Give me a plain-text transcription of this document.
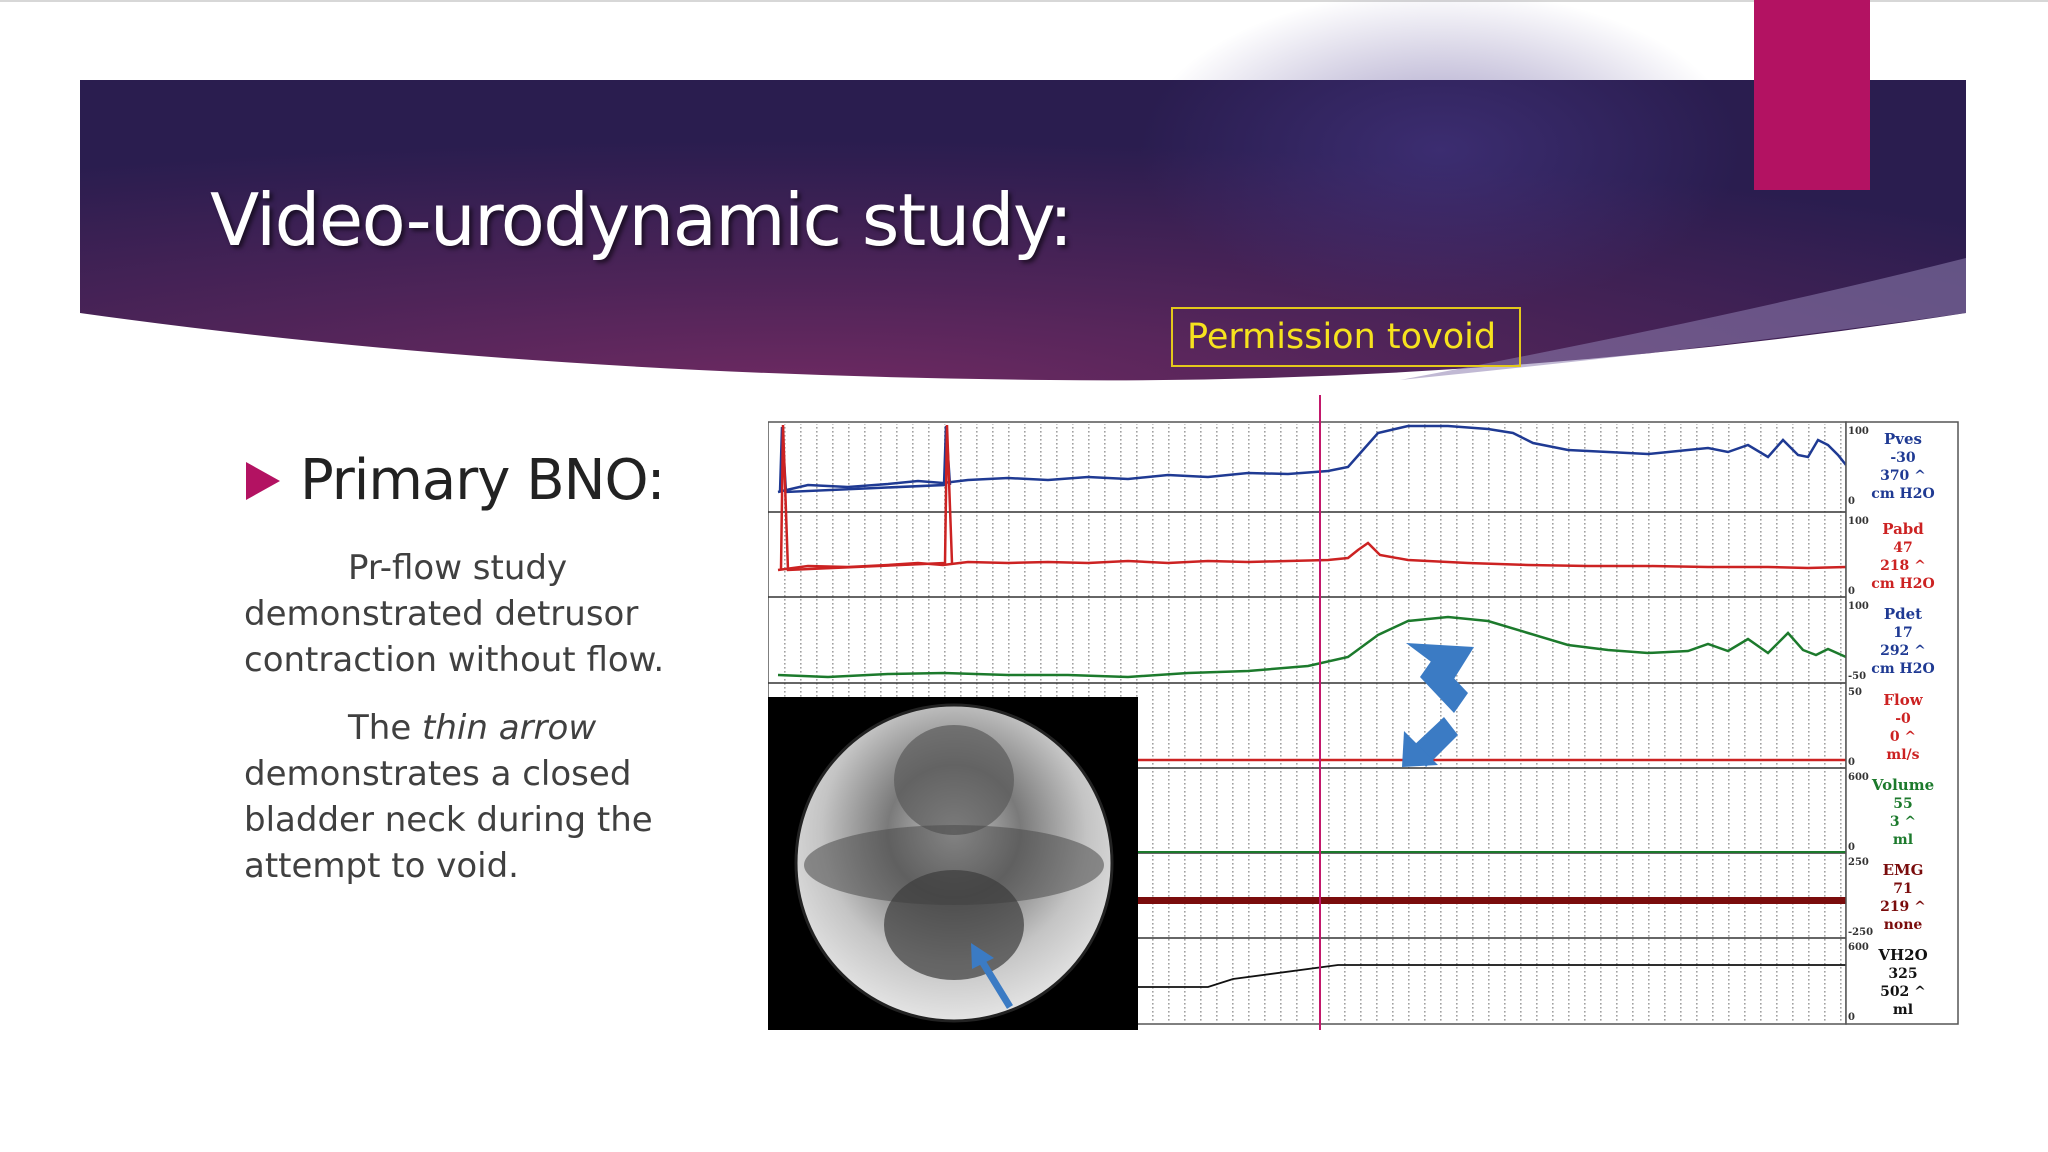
Video-urodynamic study:
Permission tovoid
Primary BNO:

Pr-flow study demonstrated detrusor contraction without flow.

The thin arrow demonstrates a closed bladder neck during the attempt to void.

100
0
Pves
-30
370 ^
cm H2O
100
0
Pabd
47
218 ^
cm H2O
100
-50
Pdet
17
292 ^
cm H2O
50
0
Flow
-0
0 ^
ml/s
600
0
Volume
55
3 ^
ml
250
-250
EMG
71
219 ^
none
600
0
VH2O
325
502 ^
ml
